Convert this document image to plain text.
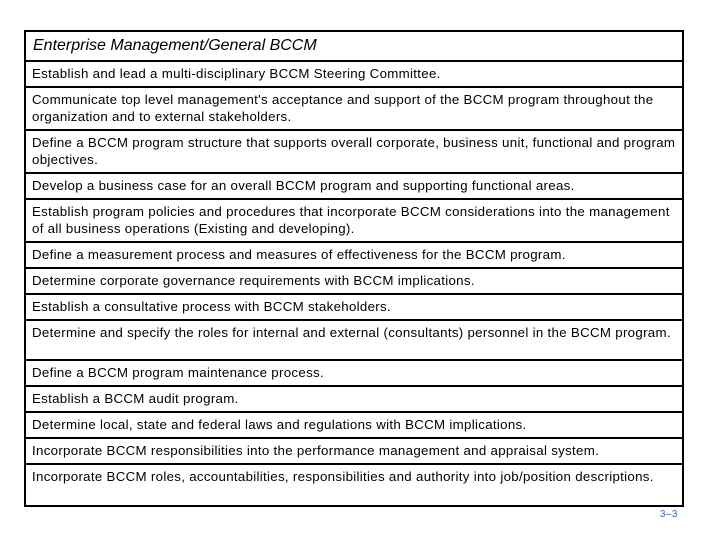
Enterprise Management/General BCCM
Establish and lead a multi-disciplinary BCCM Steering Committee.
Communicate top level management's acceptance and support of the BCCM program throughout the organization and to external stakeholders.
Define a BCCM program structure that supports overall corporate, business unit, functional and program objectives.
Develop a business case for an overall BCCM program and supporting functional areas.
Establish program policies and procedures that incorporate BCCM considerations into the management of all business operations (Existing and developing).
Define a measurement process and measures of effectiveness for the BCCM program.
Determine corporate governance requirements with BCCM implications.
Establish a consultative process with BCCM stakeholders.
Determine and specify the roles for internal and external (consultants) personnel in the BCCM program.
Define a BCCM program maintenance process.
Establish a BCCM audit program.
Determine local, state and federal laws and regulations with BCCM implications.
Incorporate BCCM responsibilities into the performance management and appraisal system.
Incorporate BCCM roles, accountabilities, responsibilities and authority into job/position descriptions.
3–3
